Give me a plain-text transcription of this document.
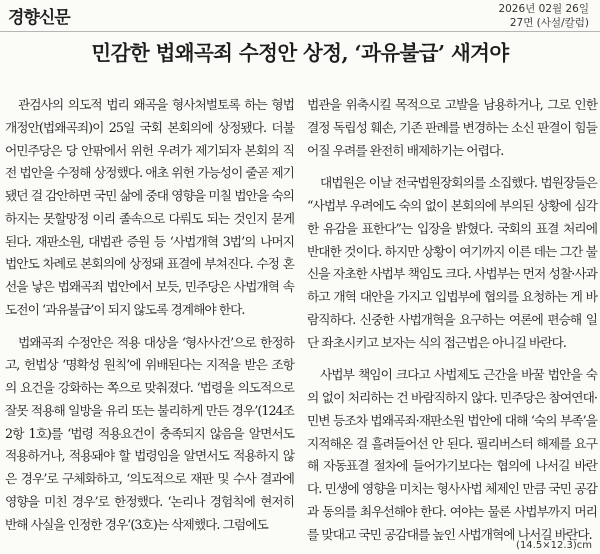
경향신문	2026년 02월 26일
27면 (사설/칼럼)
민감한 법왜곡죄 수정안 상정, ‘과유불급’ 새겨야

관검사의 의도적 법리 왜곡을 형사처벌토록 하는 형법 개정안(법왜곡죄)이 25일 국회 본회의에 상정됐다. 더불어민주당은 당 안팎에서 위헌 우려가 제기되자 본회의 직전 법안을 수정해 상정했다. 애초 위헌 가능성이 줄곧 제기됐던 걸 감안하면 국민 삶에 중대 영향을 미칠 법안을 숙의하지는 못할망정 이리 졸속으로 다뤄도 되는 것인지 묻게 된다. 재판소원, 대법관 증원 등 ‘사법개혁 3법’의 나머지 법안도 차례로 본회의에 상정돼 표결에 부쳐진다. 수정 혼선을 낳은 법왜곡죄 법안에서 보듯, 민주당은 사법개혁 속도전이 ‘과유불급’이 되지 않도록 경계해야 한다.

법왜곡죄 수정안은 적용 대상을 ‘형사사건’으로 한정하고, 헌법상 ‘명확성 원칙’에 위배된다는 지적을 받은 조항의 요건을 강화하는 쪽으로 맞춰졌다. ‘법령을 의도적으로 잘못 적용해 일방을 유리 또는 불리하게 만든 경우’(124조 2항 1호)를 ‘법령 적용요건이 충족되지 않음을 알면서도 적용하거나, 적용돼야 할 법령임을 알면서도 적용하지 않은 경우’로 구체화하고, ‘의도적으로 재판 및 수사 결과에 영향을 미친 경우’로 한정했다. ‘논리나 경험칙에 현저히 반해 사실을 인정한 경우’(3호)는 삭제했다. 그럼에도

법관을 위축시킬 목적으로 고발을 남용하거나, 그로 인한 결정 독립성 훼손, 기존 판례를 변경하는 소신 판결이 힘들어질 우려를 완전히 배제하기는 어렵다.

대법원은 이날 전국법원장회의를 소집했다. 법원장들은 “사법부 우려에도 숙의 없이 본회의에 부의된 상황에 심각한 유감을 표한다”는 입장을 밝혔다. 국회의 표결 처리에 반대한 것이다. 하지만 상황이 여기까지 이른 데는 그간 불신을 자초한 사법부 책임도 크다. 사법부는 먼저 성찰·사과하고 개혁 대안을 가지고 입법부에 협의를 요청하는 게 바람직하다. 신중한 사법개혁을 요구하는 여론에 편승해 일단 좌초시키고 보자는 식의 접근법은 아니길 바란다.

사법부 책임이 크다고 사법제도 근간을 바꿀 법안을 숙의 없이 처리하는 건 바람직하지 않다. 민주당은 참여연대·민변 등조차 법왜곡죄·재판소원 법안에 대해 ‘숙의 부족’을 지적해온 걸 흘려들어선 안 된다. 필리버스터 해제를 요구해 자동표결 절차에 들어가기보다는 협의에 나서길 바란다. 민생에 영향을 미치는 형사사법 체제인 만큼 국민 공감과 동의를 최우선해야 한다. 여야는 물론 사법부까지 머리를 맞대고 국민 공감대를 높인 사법개혁에 나서길 바란다.

(14.5×12.3)cm
